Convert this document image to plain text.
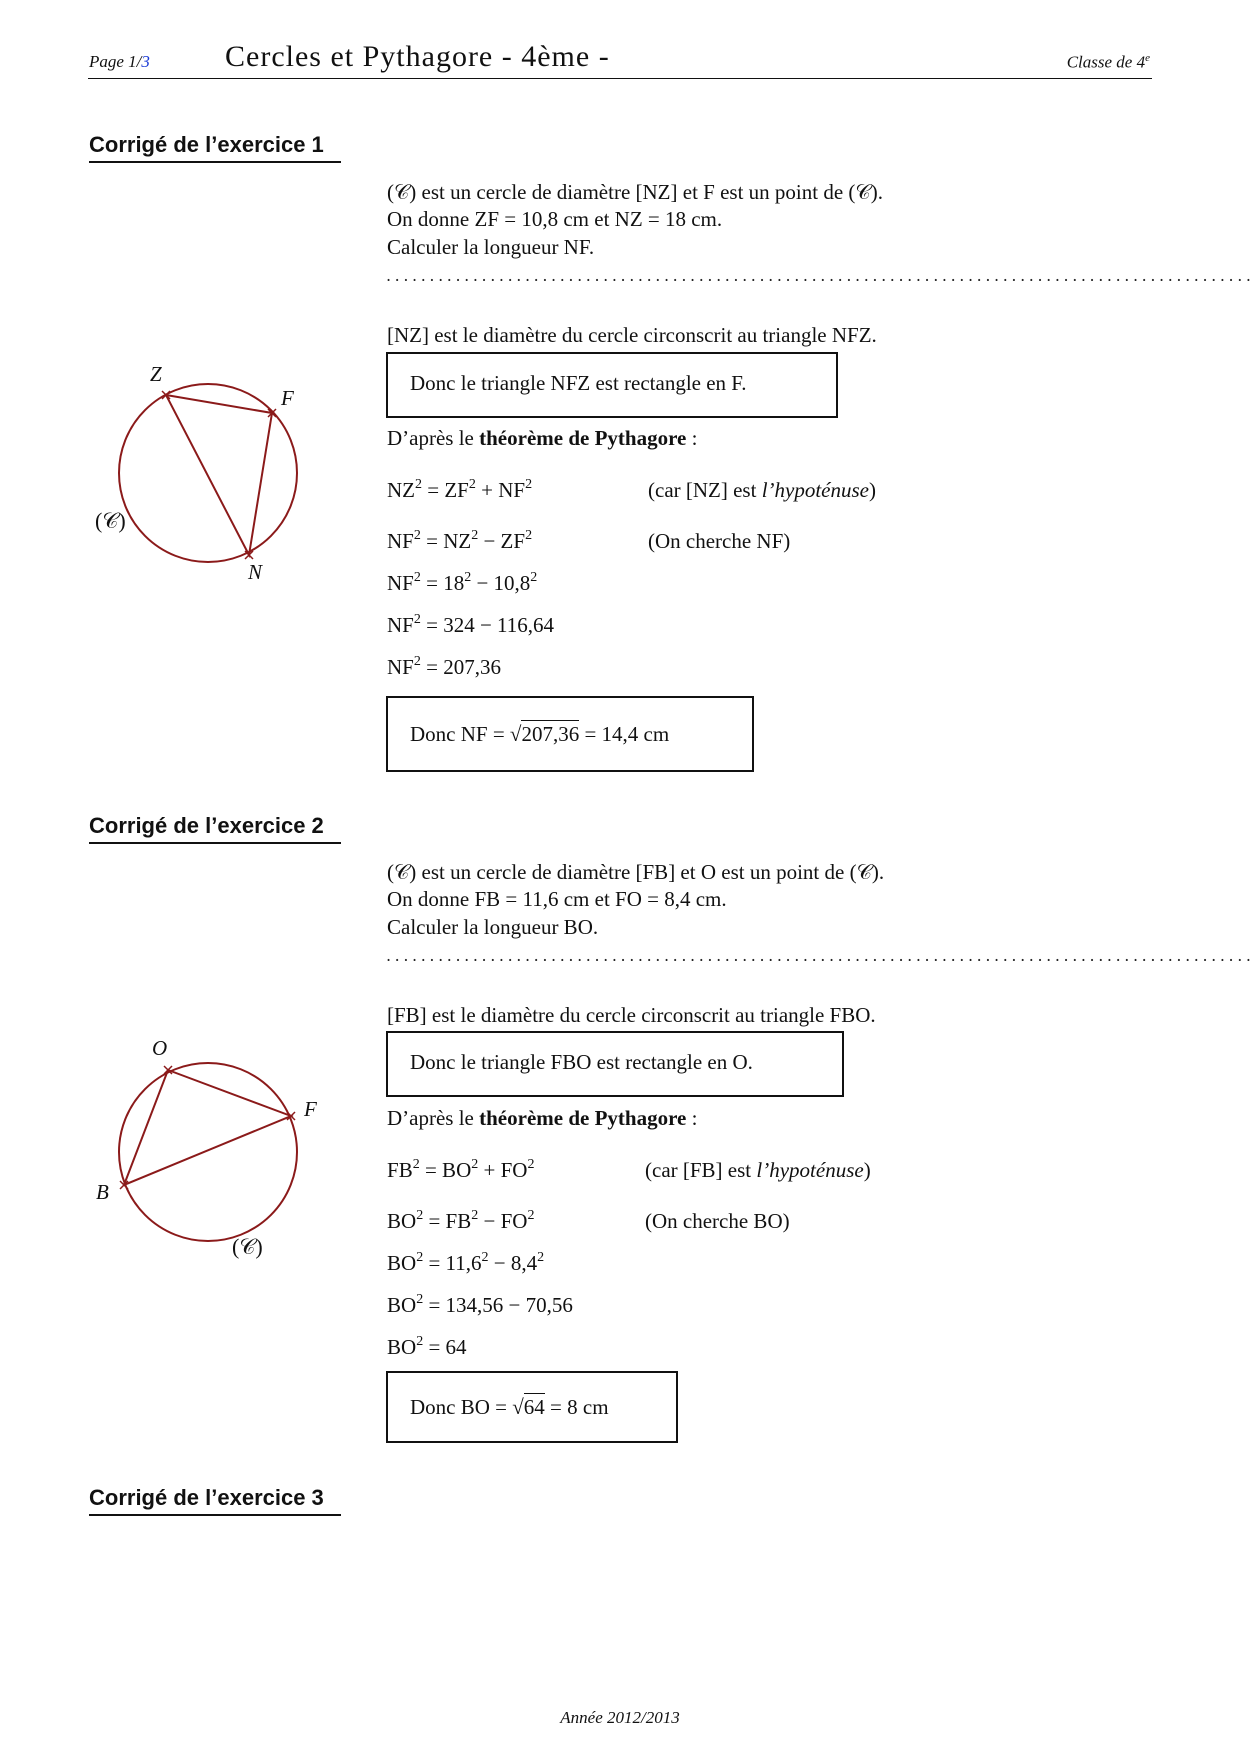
Page 1/3	Cercles et Pythagore - 4ème -	Classe de 4e
Corrigé de l’exercice 1
(𝒞) est un cercle de diamètre [NZ] et F est un point de (𝒞).
On donne ZF = 10,8 cm et NZ = 18 cm.
Calculer la longueur NF.
....................................................................................................
[NZ] est le diamètre du cercle circonscrit au triangle NFZ.
Donc le triangle NFZ est rectangle en F.
D’après le théorème de Pythagore :
$NZ^2 = ZF^2 + NF^2$	(car [NZ] est l’hypoténuse)
$NF^2 = NZ^2 - ZF^2$	(On cherche NF)
$NF^2 = 18^2 - 10,8^2$
$NF^2 = 324 - 116,64$
$NF^2 = 207,36$
Donc NF = √207,36 = 14,4 cm
Z
F
N
(𝒞)
Corrigé de l’exercice 2
(𝒞) est un cercle de diamètre [FB] et O est un point de (𝒞).
On donne FB = 11,6 cm et FO = 8,4 cm.
Calculer la longueur BO.
....................................................................................................
[FB] est le diamètre du cercle circonscrit au triangle FBO.
Donc le triangle FBO est rectangle en O.
D’après le théorème de Pythagore :
$FB^2 = BO^2 + FO^2$	(car [FB] est l’hypoténuse)
$BO^2 = FB^2 - FO^2$	(On cherche BO)
$BO^2 = 11,6^2 - 8,4^2$
$BO^2 = 134,56 - 70,56$
$BO^2 = 64$
Donc BO = √64 = 8 cm
O
F
B
(𝒞)
Corrigé de l’exercice 3
Année 2012/2013
